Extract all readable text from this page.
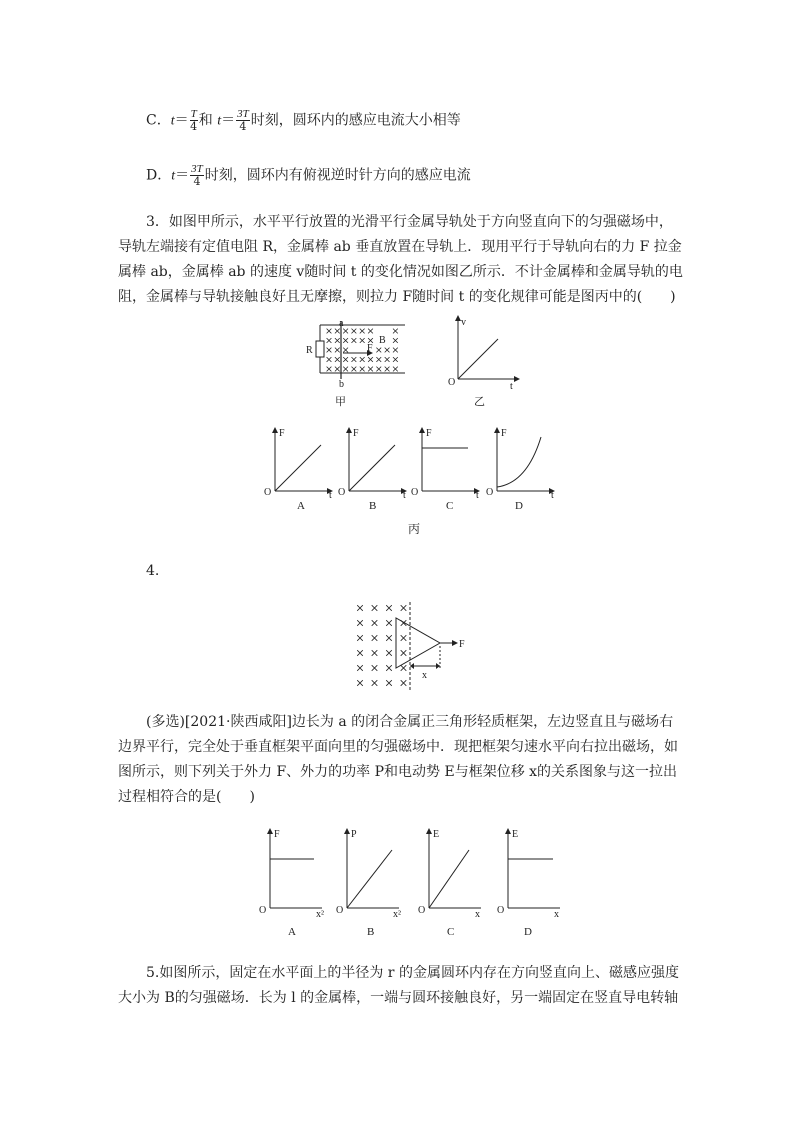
C．$t= \frac{T}{4}$ 和 $t= \frac{3T}{4}$ 时刻，圆环内的感应电流大小相等
D．$t= \frac{3T}{4}$ 时刻，圆环内有俯视逆时针方向的感应电流
3．如图甲所示，水平平行放置的光滑平行金属导轨处于方向竖直向下的匀强磁场中，
导轨左端接有定值电阻 R，金属棒 ab 垂直放置在导轨上．现用平行于导轨向右的力 F 拉金
属棒 ab，金属棒 ab 的速度 v随时间 t 的变化情况如图乙所示．不计金属棒和金属导轨的电
阻，金属棒与导轨接触良好且无摩擦，则拉力 F随时间 t 的变化规律可能是图丙中的(　　)
R
a
b
B
F
甲
v
t
O
乙
F
t
O
A
F
t
O
B
F
t
O
C
F
t
O
D
丙
4.
F
x
(多选)[2021·陕西咸阳]边长为 a 的闭合金属正三角形轻质框架，左边竖直且与磁场右
边界平行，完全处于垂直框架平面向里的匀强磁场中．现把框架匀速水平向右拉出磁场，如
图所示，则下列关于外力 F、外力的功率 P和电动势 E与框架位移 x的关系图象与这一拉出
过程相符合的是(　　)
F
x²
O
A
P
x²
O
B
E
x
O
C
E
x
O
D
5.如图所示，固定在水平面上的半径为 r 的金属圆环内存在方向竖直向上、磁感应强度
大小为 B的匀强磁场．长为 l 的金属棒，一端与圆环接触良好，另一端固定在竖直导电转轴
